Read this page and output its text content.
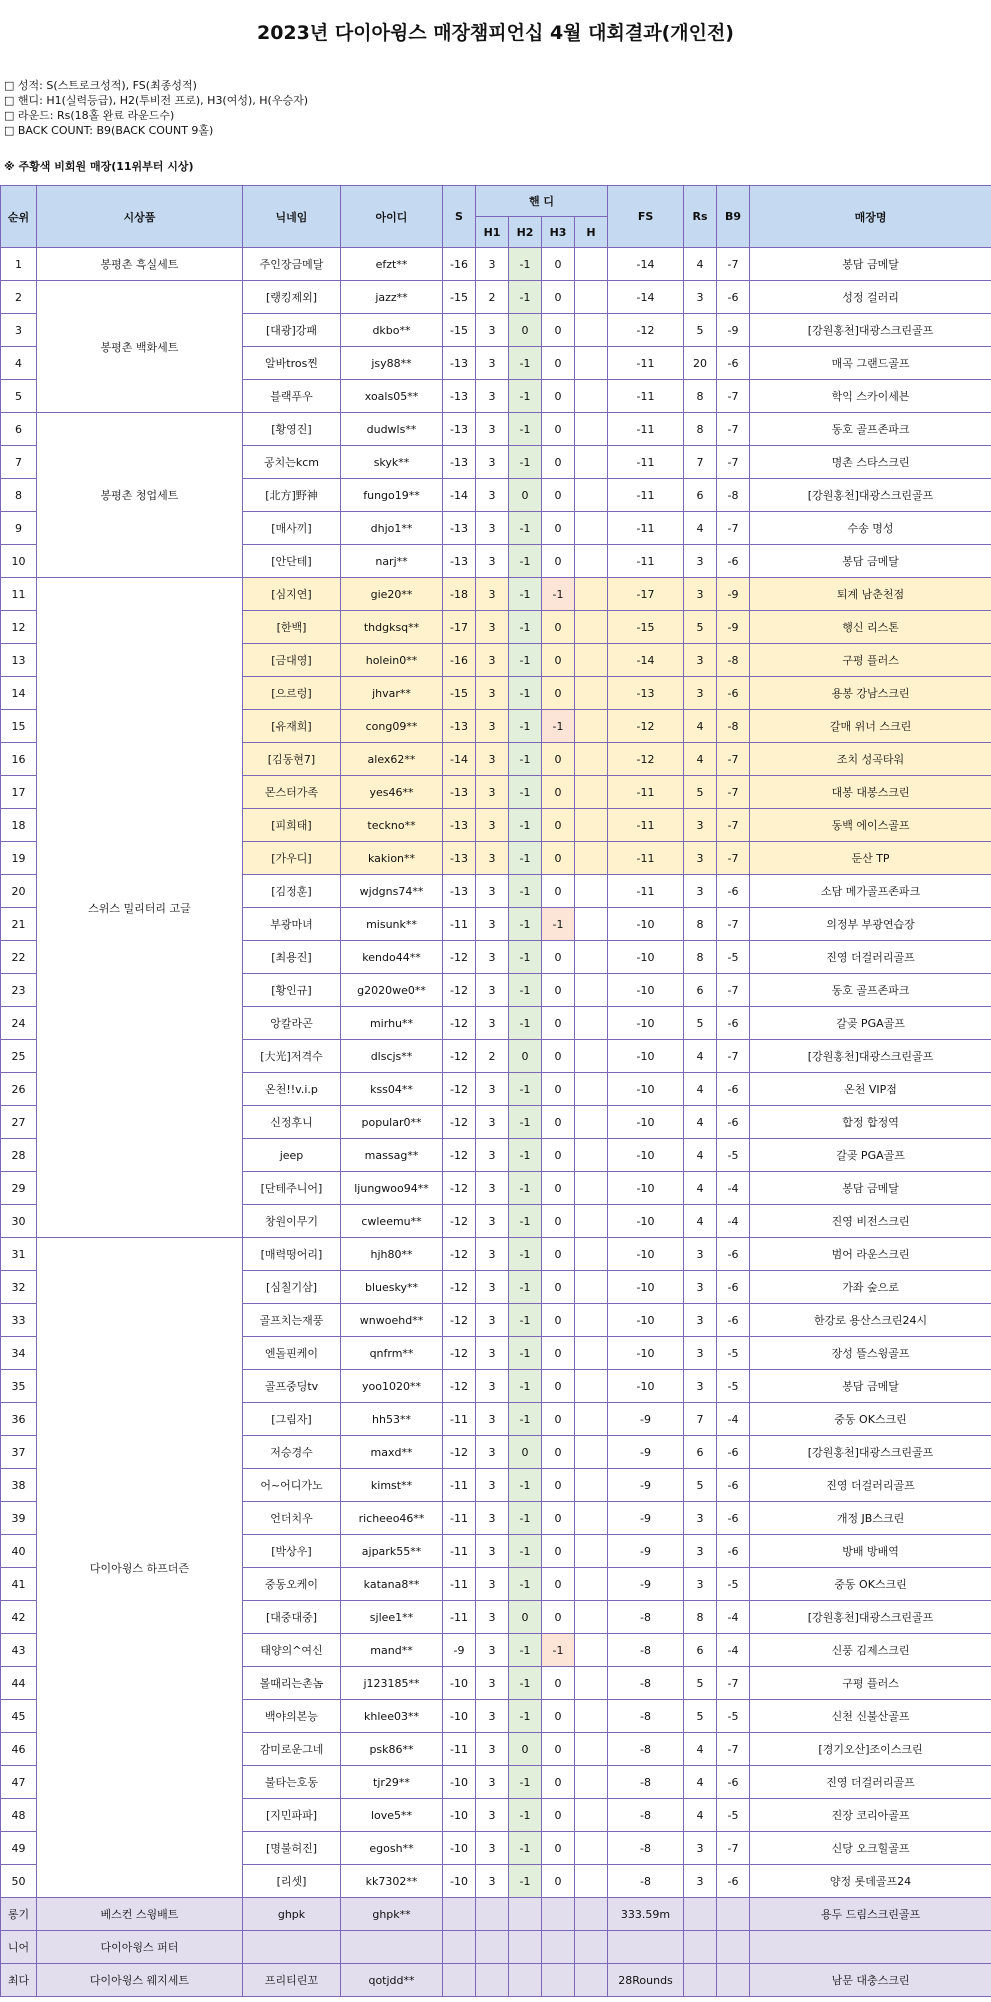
2023년 다이아윙스 매장챔피언십 4월 대회결과(개인전)
□ 성적: S(스트로크성적), FS(최종성적)
□ 핸디: H1(실력등급), H2(투비전 프로), H3(여성), H(우승자)
□ 라운드: Rs(18홀 완료 라운드수)
□ BACK COUNT: B9(BACK COUNT 9홀)
※ 주황색 비회원 매장(11위부터 시상)
순위	시상품	닉네임	아이디	S	핸 디				FS	Rs	B9	매장명
					H1	H2	H3	H				
1	봉평촌 흑실세트	주인장금메달	efzt**	-16	3	-1	0		-14	4	-7	봉담 금메달
2	봉평촌 백화세트	[랭킹제외]	jazz**	-15	2	-1	0		-14	3	-6	성정 걸러리
3		[대광]강패	dkbo**	-15	3	0	0		-12	5	-9	[강원홍천]대광스크린골프
4		알바tros찐	jsy88**	-13	3	-1	0		-11	20	-6	매곡 그랜드골프
5		블랙푸우	xoals05**	-13	3	-1	0		-11	8	-7	학익 스카이세븐
6	봉평촌 청업세트	[황영진]	dudwls**	-13	3	-1	0		-11	8	-7	동호 골프존파크
7		공치는kcm	skyk**	-13	3	-1	0		-11	7	-7	명촌 스타스크린
8		[北方]野神	fungo19**	-14	3	0	0		-11	6	-8	[강원홍천]대광스크린골프
9		[매사끼]	dhjo1**	-13	3	-1	0		-11	4	-7	수송 명성
10		[안단테]	narj**	-13	3	-1	0		-11	3	-6	봉담 금메달
11	스위스 밀리터리 고글	[심지연]	gie20**	-18	3	-1	-1		-17	3	-9	퇴계 남춘천점
12		[한백]	thdgksq**	-17	3	-1	0		-15	5	-9	행신 리스톤
13		[금대영]	holein0**	-16	3	-1	0		-14	3	-8	구평 플러스
14		[으르렁]	jhvar**	-15	3	-1	0		-13	3	-6	용봉 강남스크린
15		[유재희]	cong09**	-13	3	-1	-1		-12	4	-8	갈매 위너 스크린
16		[김동현7]	alex62**	-14	3	-1	0		-12	4	-7	조치 성곡타워
17		몬스터가족	yes46**	-13	3	-1	0		-11	5	-7	대봉 대봉스크린
18		[피희태]	teckno**	-13	3	-1	0		-11	3	-7	동백 에이스골프
19		[가우디]	kakion**	-13	3	-1	0		-11	3	-7	둔산 TP
20		[김정훈]	wjdgns74**	-13	3	-1	0		-11	3	-6	소담 메가골프존파크
21		부광마녀	misunk**	-11	3	-1	-1		-10	8	-7	의정부 부광연습장
22		[최용진]	kendo44**	-12	3	-1	0		-10	8	-5	진영 더걸러리골프
23		[황인규]	g2020we0**	-12	3	-1	0		-10	6	-7	동호 골프존파크
24		앙칼라곤	mirhu**	-12	3	-1	0		-10	5	-6	갈곶 PGA골프
25		[大光]저격수	dlscjs**	-12	2	0	0		-10	4	-7	[강원홍천]대광스크린골프
26		온천!!v.i.p	kss04**	-12	3	-1	0		-10	4	-6	온천 VIP점
27		신정후니	popular0**	-12	3	-1	0		-10	4	-6	합정 합정역
28		jeep	massag**	-12	3	-1	0		-10	4	-5	갈곶 PGA골프
29		[단테주니어]	ljungwoo94**	-12	3	-1	0		-10	4	-4	봉담 금메달
30		창원이무기	cwleemu**	-12	3	-1	0		-10	4	-4	진영 비전스크린
31	다이아윙스 하프더즌	[매력떵어리]	hjh80**	-12	3	-1	0		-10	3	-6	범어 라운스크린
32		[심칠기삼]	bluesky**	-12	3	-1	0		-10	3	-6	가좌 숲으로
33		골프치는재풍	wnwoehd**	-12	3	-1	0		-10	3	-6	한강로 용산스크린24시
34		엔돌핀케이	qnfrm**	-12	3	-1	0		-10	3	-5	장성 뜰스윙골프
35		골프중딩tv	yoo1020**	-12	3	-1	0		-10	3	-5	봉담 금메달
36		[그림자]	hh53**	-11	3	-1	0		-9	7	-4	중동 OK스크린
37		저승경수	maxd**	-12	3	0	0		-9	6	-6	[강원홍천]대광스크린골프
38		어~어디가노	kimst**	-11	3	-1	0		-9	5	-6	진영 더걸러리골프
39		언더치우	richeeo46**	-11	3	-1	0		-9	3	-6	개정 JB스크린
40		[박상우]	ajpark55**	-11	3	-1	0		-9	3	-6	방배 방배역
41		중동오케이	katana8**	-11	3	-1	0		-9	3	-5	중동 OK스크린
42		[대중대중]	sjlee1**	-11	3	0	0		-8	8	-4	[강원홍천]대광스크린골프
43		태양의^여신	mand**	-9	3	-1	-1		-8	6	-4	신풍 김제스크린
44		볼때리는촌놈	j123185**	-10	3	-1	0		-8	5	-7	구평 플러스
45		백야의본능	khlee03**	-10	3	-1	0		-8	5	-5	신천 신불산골프
46		감미로운그네	psk86**	-11	3	0	0		-8	4	-7	[경기오산]조이스크린
47		불타는호동	tjr29**	-10	3	-1	0		-8	4	-6	진영 더걸러리골프
48		[지민파파]	love5**	-10	3	-1	0		-8	4	-5	진장 코리아골프
49		[명불허진]	egosh**	-10	3	-1	0		-8	3	-7	신당 오크힐골프
50		[리셋]	kk7302**	-10	3	-1	0		-8	3	-6	양정 롯데골프24
롱기	베스컨 스윙배트	ghpk	ghpk**						333.59m			용두 드림스크린골프
니어	다이아윙스 퍼터											
최다	다이아윙스 웨지세트	프리티린꼬	qotjdd**						28Rounds			남문 대충스크린
